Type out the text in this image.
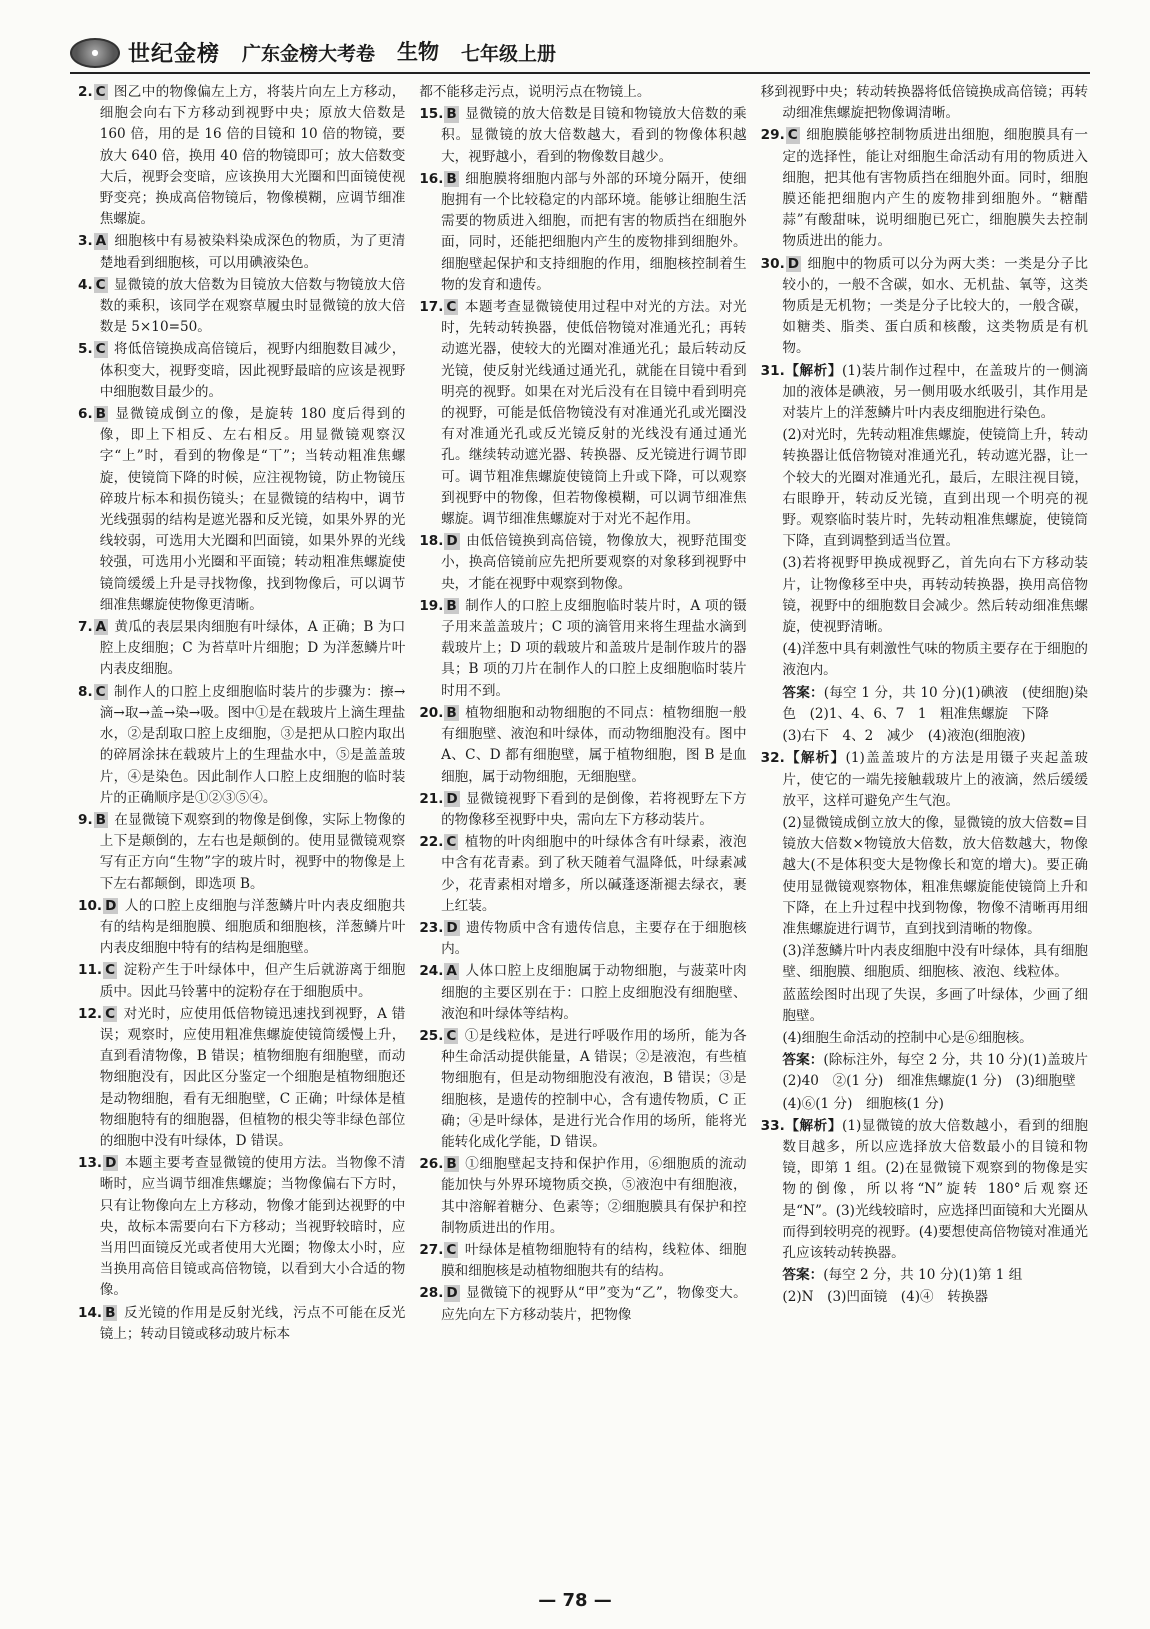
●	世纪金榜 广东金榜大考卷 生物 七年级上册
2. C 图乙中的物像偏左上方，将装片向左上方移动，细胞会向右下方移动到视野中央；原放大倍数是 160 倍，用的是 16 倍的目镜和 10 倍的物镜，要放大 640 倍，换用 40 倍的物镜即可；放大倍数变大后，视野会变暗，应该换用大光圈和凹面镜使视野变亮；换成高倍物镜后，物像模糊，应调节细准焦螺旋。
3. A 细胞核中有易被染料染成深色的物质，为了更清楚地看到细胞核，可以用碘液染色。
4. C 显微镜的放大倍数为目镜放大倍数与物镜放大倍数的乘积，该同学在观察草履虫时显微镜的放大倍数是 5×10=50。
5. C 将低倍镜换成高倍镜后，视野内细胞数目减少，体积变大，视野变暗，因此视野最暗的应该是视野中细胞数目最少的。
6. B 显微镜成倒立的像，是旋转 180 度后得到的像，即上下相反、左右相反。用显微镜观察汉字“上”时，看到的物像是“丅”；当转动粗准焦螺旋，使镜筒下降的时候，应注视物镜，防止物镜压碎玻片标本和损伤镜头；在显微镜的结构中，调节光线强弱的结构是遮光器和反光镜，如果外界的光线较弱，可选用大光圈和凹面镜，如果外界的光线较强，可选用小光圈和平面镜；转动粗准焦螺旋使镜筒缓缓上升是寻找物像，找到物像后，可以调节细准焦螺旋使物像更清晰。
7. A 黄瓜的表层果肉细胞有叶绿体，A 正确；B 为口腔上皮细胞；C 为苔草叶片细胞；D 为洋葱鳞片叶内表皮细胞。
8. C 制作人的口腔上皮细胞临时装片的步骤为：擦→滴→取→盖→染→吸。图中①是在载玻片上滴生理盐水，②是刮取口腔上皮细胞，③是把从口腔内取出的碎屑涂抹在载玻片上的生理盐水中，⑤是盖盖玻片，④是染色。因此制作人口腔上皮细胞的临时装片的正确顺序是①②③⑤④。
9. B 在显微镜下观察到的物像是倒像，实际上物像的上下是颠倒的，左右也是颠倒的。使用显微镜观察写有正方向“生物”字的玻片时，视野中的物像是上下左右都颠倒，即选项 B。
10. D 人的口腔上皮细胞与洋葱鳞片叶内表皮细胞共有的结构是细胞膜、细胞质和细胞核，洋葱鳞片叶内表皮细胞中特有的结构是细胞壁。
11. C 淀粉产生于叶绿体中，但产生后就游离于细胞质中。因此马铃薯中的淀粉存在于细胞质中。
12. C 对光时，应使用低倍物镜迅速找到视野，A 错误；观察时，应使用粗准焦螺旋使镜筒缓慢上升，直到看清物像，B 错误；植物细胞有细胞壁，而动物细胞没有，因此区分鉴定一个细胞是植物细胞还是动物细胞，看有无细胞壁，C 正确；叶绿体是植物细胞特有的细胞器，但植物的根尖等非绿色部位的细胞中没有叶绿体，D 错误。
13. D 本题主要考查显微镜的使用方法。当物像不清晰时，应当调节细准焦螺旋；当物像偏右下方时，只有让物像向左上方移动，物像才能到达视野的中央，故标本需要向右下方移动；当视野较暗时，应当用凹面镜反光或者使用大光圈；物像太小时，应当换用高倍目镜或高倍物镜，以看到大小合适的物像。
14. B 反光镜的作用是反射光线，污点不可能在反光镜上；转动目镜或移动玻片标本
都不能移走污点，说明污点在物镜上。
15. B 显微镜的放大倍数是目镜和物镜放大倍数的乘积。显微镜的放大倍数越大，看到的物像体积越大，视野越小，看到的物像数目越少。
16. B 细胞膜将细胞内部与外部的环境分隔开，使细胞拥有一个比较稳定的内部环境。能够让细胞生活需要的物质进入细胞，而把有害的物质挡在细胞外面，同时，还能把细胞内产生的废物排到细胞外。细胞壁起保护和支持细胞的作用，细胞核控制着生物的发育和遗传。
17. C 本题考查显微镜使用过程中对光的方法。对光时，先转动转换器，使低倍物镜对准通光孔；再转动遮光器，使较大的光圈对准通光孔；最后转动反光镜，使反射光线通过通光孔，就能在目镜中看到明亮的视野。如果在对光后没有在目镜中看到明亮的视野，可能是低倍物镜没有对准通光孔或光圈没有对准通光孔或反光镜反射的光线没有通过通光孔。继续转动遮光器、转换器、反光镜进行调节即可。调节粗准焦螺旋使镜筒上升或下降，可以观察到视野中的物像，但若物像模糊，可以调节细准焦螺旋。调节细准焦螺旋对于对光不起作用。
18. D 由低倍镜换到高倍镜，物像放大，视野范围变小，换高倍镜前应先把所要观察的对象移到视野中央，才能在视野中观察到物像。
19. B 制作人的口腔上皮细胞临时装片时，A 项的镊子用来盖盖玻片；C 项的滴管用来将生理盐水滴到载玻片上；D 项的载玻片和盖玻片是制作玻片的器具；B 项的刀片在制作人的口腔上皮细胞临时装片时用不到。
20. B 植物细胞和动物细胞的不同点：植物细胞一般有细胞壁、液泡和叶绿体，而动物细胞没有。图中 A、C、D 都有细胞壁，属于植物细胞，图 B 是血细胞，属于动物细胞，无细胞壁。
21. D 显微镜视野下看到的是倒像，若将视野左下方的物像移至视野中央，需向左下方移动装片。
22. C 植物的叶肉细胞中的叶绿体含有叶绿素，液泡中含有花青素。到了秋天随着气温降低，叶绿素减少，花青素相对增多，所以碱蓬逐渐褪去绿衣，裹上红装。
23. D 遗传物质中含有遗传信息，主要存在于细胞核内。
24. A 人体口腔上皮细胞属于动物细胞，与菠菜叶肉细胞的主要区别在于：口腔上皮细胞没有细胞壁、液泡和叶绿体等结构。
25. C ①是线粒体，是进行呼吸作用的场所，能为各种生命活动提供能量，A 错误；②是液泡，有些植物细胞有，但是动物细胞没有液泡，B 错误；③是细胞核，是遗传的控制中心，含有遗传物质，C 正确；④是叶绿体，是进行光合作用的场所，能将光能转化成化学能，D 错误。
26. B ①细胞壁起支持和保护作用，⑥细胞质的流动能加快与外界环境物质交换，⑤液泡中有细胞液，其中溶解着糖分、色素等；②细胞膜具有保护和控制物质进出的作用。
27. C 叶绿体是植物细胞特有的结构，线粒体、细胞膜和细胞核是动植物细胞共有的结构。
28. D 显微镜下的视野从“甲”变为“乙”，物像变大。应先向左下方移动装片，把物像
移到视野中央；转动转换器将低倍镜换成高倍镜；再转动细准焦螺旋把物像调清晰。
29. C 细胞膜能够控制物质进出细胞，细胞膜具有一定的选择性，能让对细胞生命活动有用的物质进入细胞，把其他有害物质挡在细胞外面。同时，细胞膜还能把细胞内产生的废物排到细胞外。“糖醋蒜”有酸甜味，说明细胞已死亡，细胞膜失去控制物质进出的能力。
30. D 细胞中的物质可以分为两大类：一类是分子比较小的，一般不含碳，如水、无机盐、氧等，这类物质是无机物；一类是分子比较大的，一般含碳，如糖类、脂类、蛋白质和核酸，这类物质是有机物。
31.【解析】(1)装片制作过程中，在盖玻片的一侧滴加的液体是碘液，另一侧用吸水纸吸引，其作用是对装片上的洋葱鳞片叶内表皮细胞进行染色。
(2)对光时，先转动粗准焦螺旋，使镜筒上升，转动转换器让低倍物镜对准通光孔，转动遮光器，让一个较大的光圈对准通光孔，最后，左眼注视目镜，右眼睁开，转动反光镜，直到出现一个明亮的视野。观察临时装片时，先转动粗准焦螺旋，使镜筒下降，直到调整到适当位置。
(3)若将视野甲换成视野乙，首先向右下方移动装片，让物像移至中央，再转动转换器，换用高倍物镜，视野中的细胞数目会减少。然后转动细准焦螺旋，使视野清晰。
(4)洋葱中具有刺激性气味的物质主要存在于细胞的液泡内。
答案：(每空 1 分，共 10 分)(1)碘液　(使细胞)染色　(2)1、4、6、7　1　粗准焦螺旋　下降
(3)右下　4、2　减少　(4)液泡(细胞液)
32.【解析】(1)盖盖玻片的方法是用镊子夹起盖玻片，使它的一端先接触载玻片上的液滴，然后缓缓放平，这样可避免产生气泡。
(2)显微镜成倒立放大的像，显微镜的放大倍数=目镜放大倍数×物镜放大倍数，放大倍数越大，物像越大(不是体积变大是物像长和宽的增大)。要正确使用显微镜观察物体，粗准焦螺旋能使镜筒上升和下降，在上升过程中找到物像，物像不清晰再用细准焦螺旋进行调节，直到找到清晰的物像。
(3)洋葱鳞片叶内表皮细胞中没有叶绿体，具有细胞壁、细胞膜、细胞质、细胞核、液泡、线粒体。
蓝蓝绘图时出现了失误，多画了叶绿体，少画了细胞壁。
(4)细胞生命活动的控制中心是⑥细胞核。
答案：(除标注外，每空 2 分，共 10 分)(1)盖玻片　(2)40　②(1 分)　细准焦螺旋(1 分)　(3)细胞壁
(4)⑥(1 分)　细胞核(1 分)
33.【解析】(1)显微镜的放大倍数越小，看到的细胞数目越多，所以应选择放大倍数最小的目镜和物镜，即第 1 组。(2)在显微镜下观察到的物像是实物的倒像，所以将“N”旋转 180°后观察还是“N”。(3)光线较暗时，应选择凹面镜和大光圈从而得到较明亮的视野。(4)要想使高倍物镜对准通光孔应该转动转换器。
答案：(每空 2 分，共 10 分)(1)第 1 组
(2)N　(3)凹面镜　(4)④　转换器
— 78 —
